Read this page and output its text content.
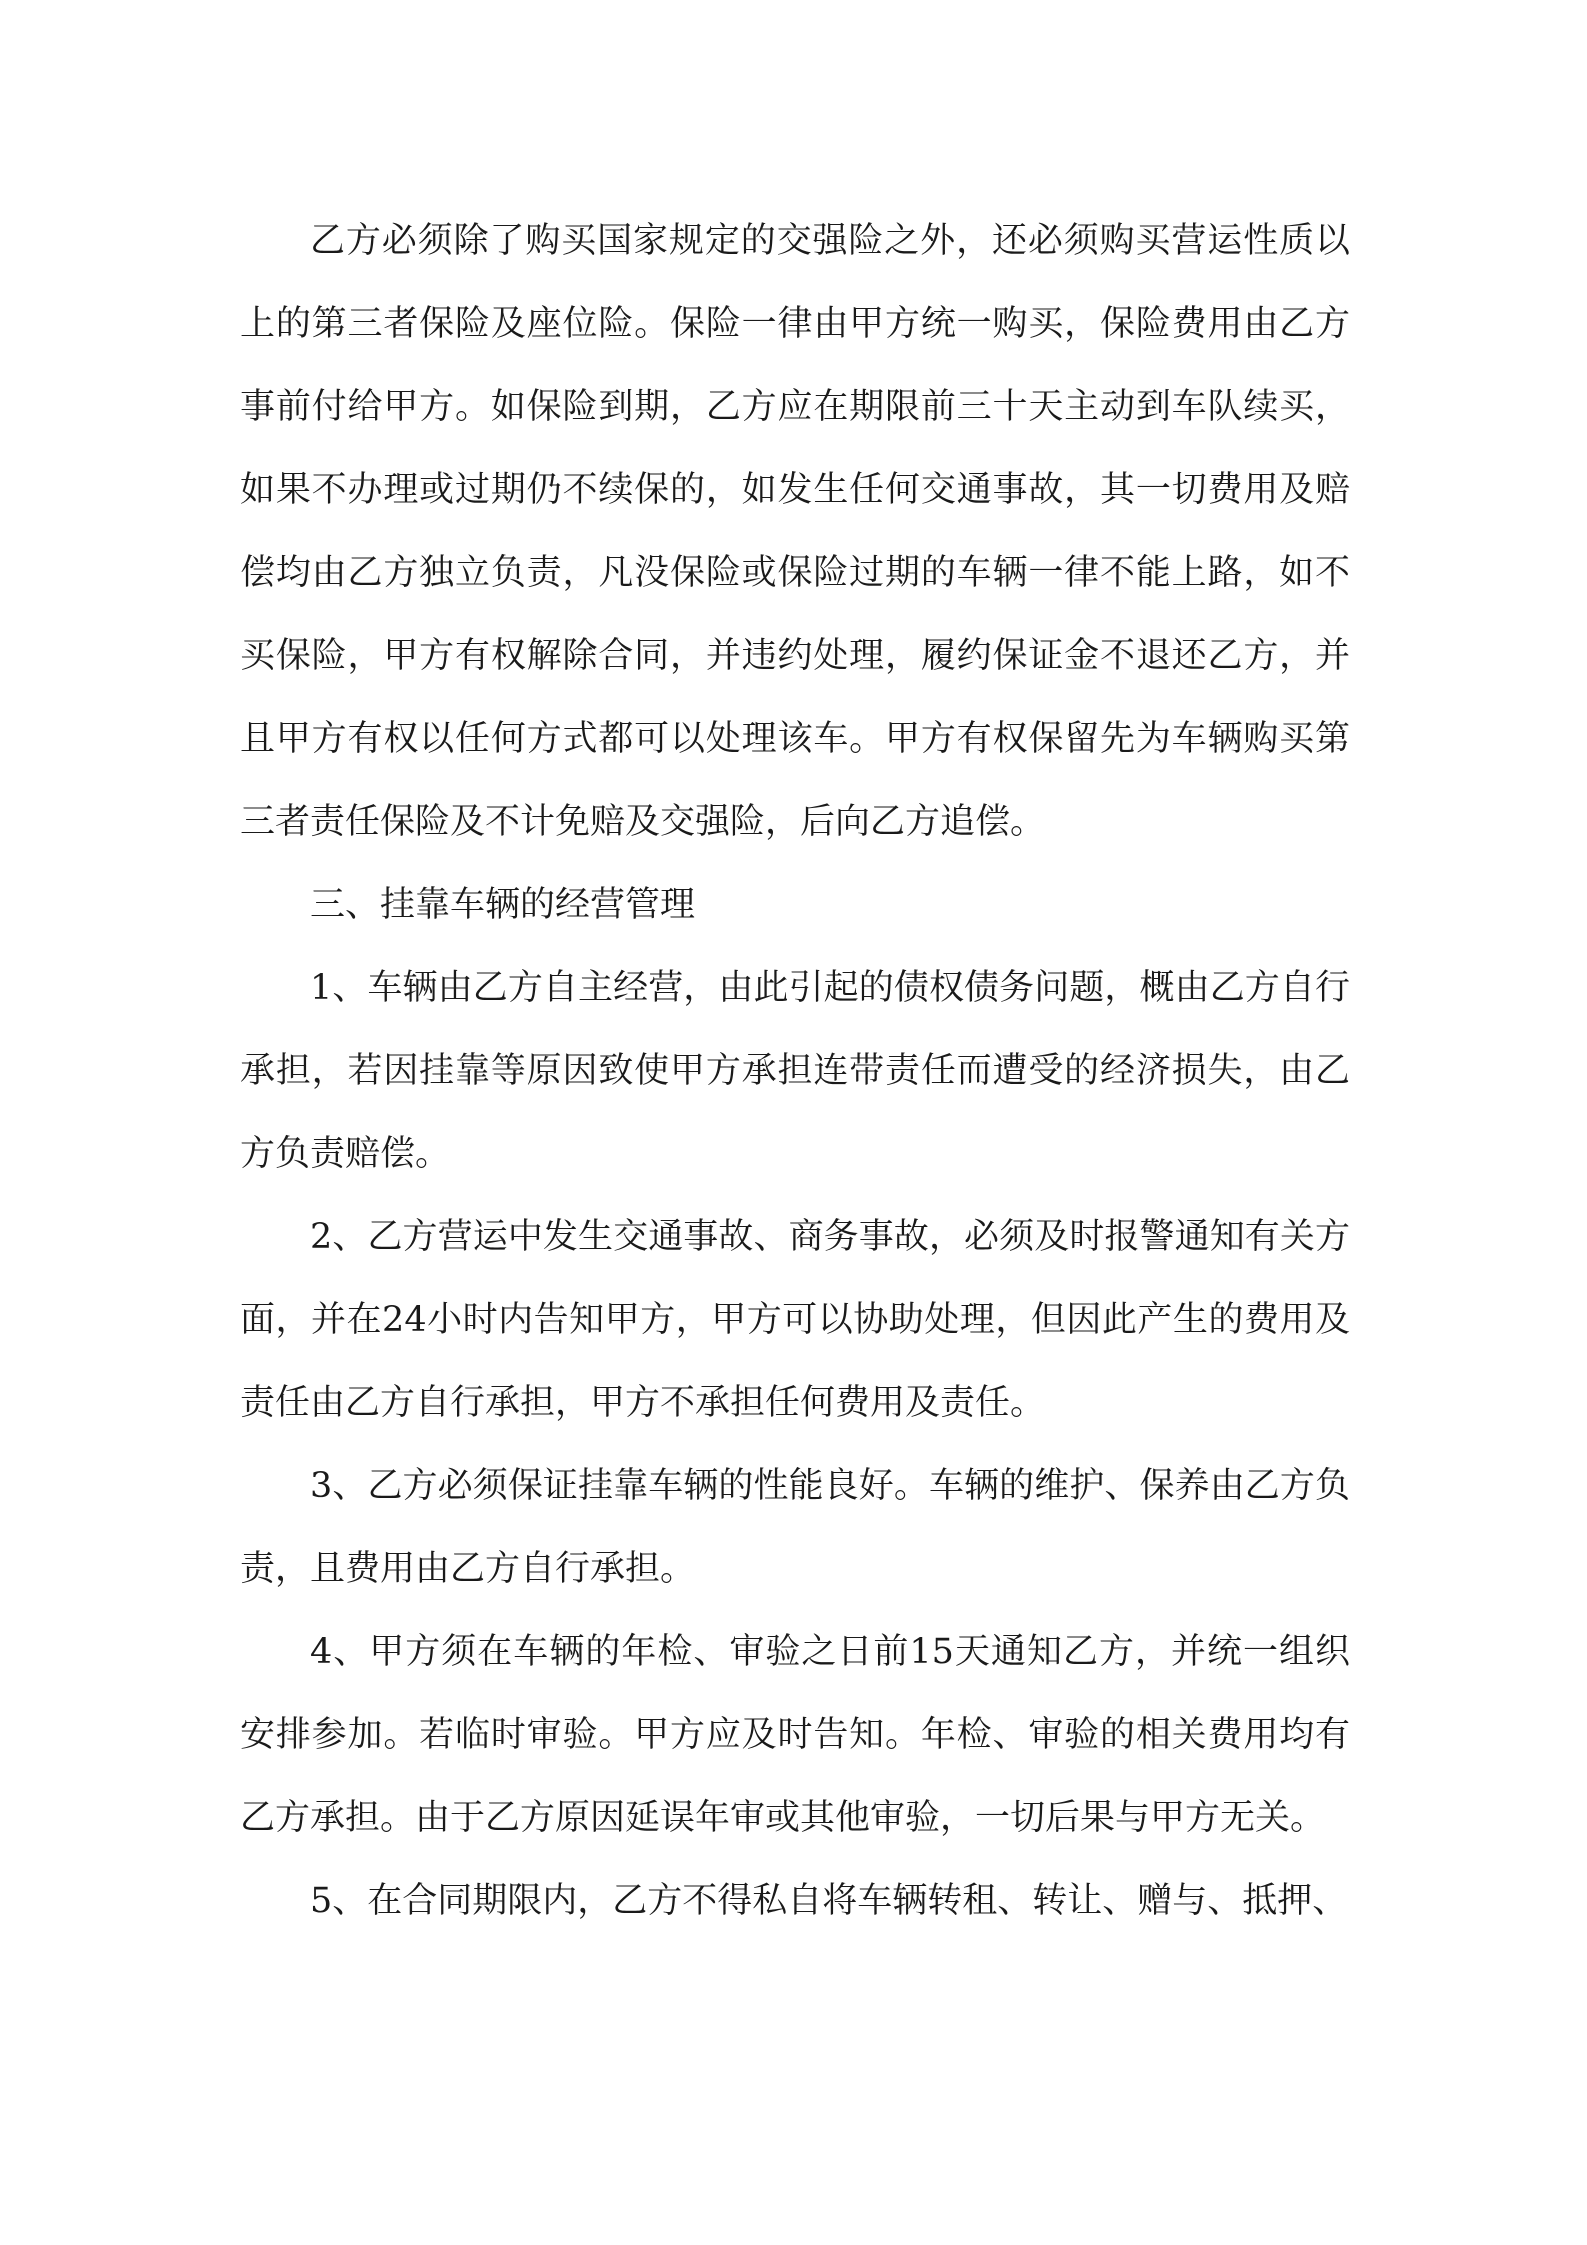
乙方必须除了购买国家规定的交强险之外，还必须购买营运性质以上的第三者保险及座位险。保险一律由甲方统一购买，保险费用由乙方事前付给甲方。如保险到期，乙方应在期限前三十天主动到车队续买，如果不办理或过期仍不续保的，如发生任何交通事故，其一切费用及赔偿均由乙方独立负责，凡没保险或保险过期的车辆一律不能上路，如不买保险，甲方有权解除合同，并违约处理，履约保证金不退还乙方，并且甲方有权以任何方式都可以处理该车。甲方有权保留先为车辆购买第三者责任保险及不计免赔及交强险，后向乙方追偿。

三、挂靠车辆的经营管理

1、车辆由乙方自主经营，由此引起的债权债务问题，概由乙方自行承担，若因挂靠等原因致使甲方承担连带责任而遭受的经济损失，由乙方负责赔偿。

2、乙方营运中发生交通事故、商务事故，必须及时报警通知有关方面，并在24小时内告知甲方，甲方可以协助处理，但因此产生的费用及责任由乙方自行承担，甲方不承担任何费用及责任。

3、乙方必须保证挂靠车辆的性能良好。车辆的维护、保养由乙方负责，且费用由乙方自行承担。

4、甲方须在车辆的年检、审验之日前15天通知乙方，并统一组织安排参加。若临时审验。甲方应及时告知。年检、审验的相关费用均有乙方承担。由于乙方原因延误年审或其他审验，一切后果与甲方无关。

5、在合同期限内，乙方不得私自将车辆转租、转让、赠与、抵押、
